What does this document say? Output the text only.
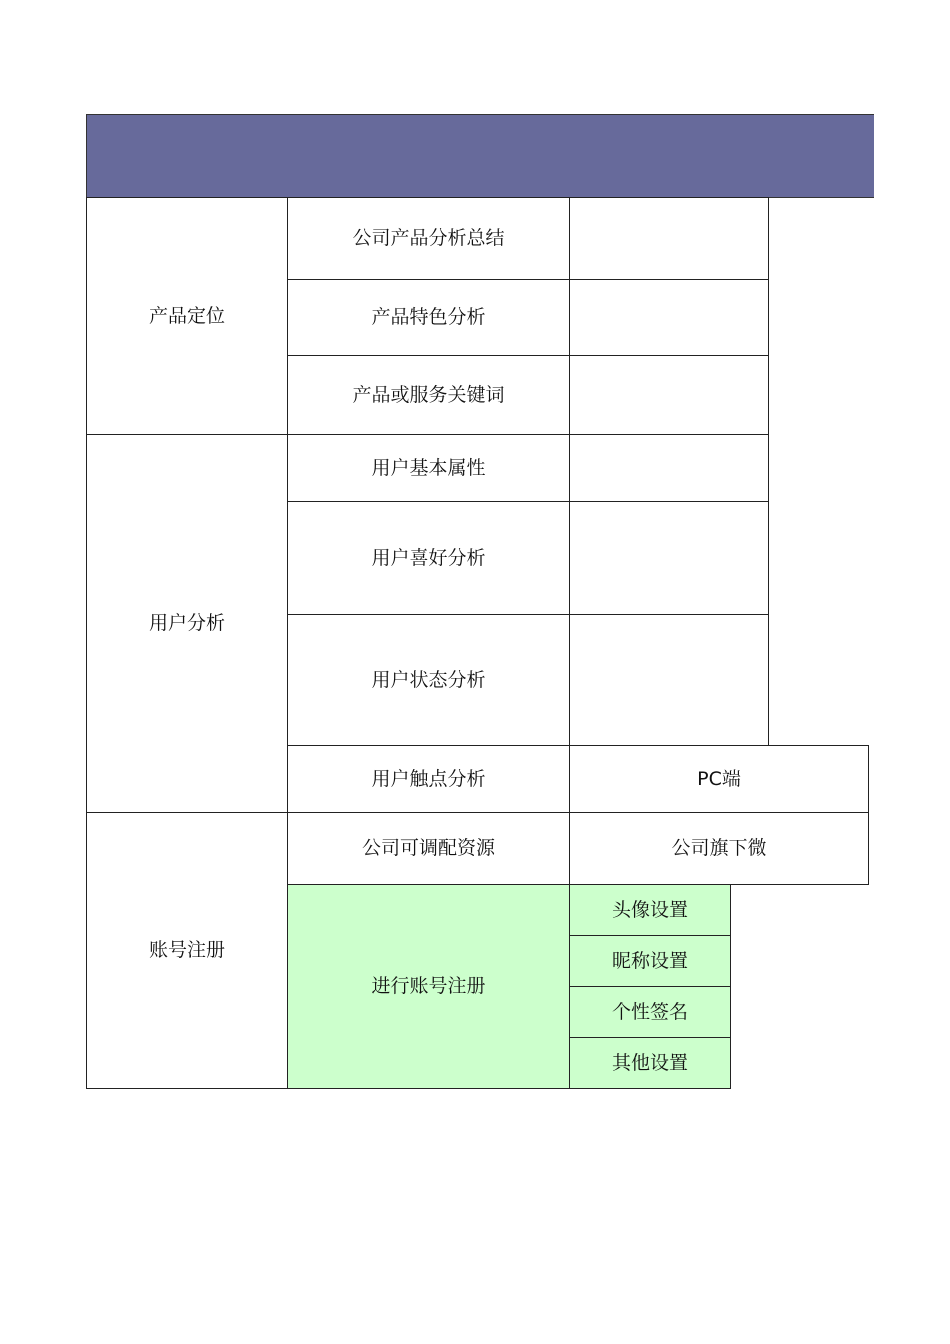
产品定位
公司产品分析总结
产品特色分析
产品或服务关键词
用户分析
用户基本属性
用户喜好分析
用户状态分析
用户触点分析	PC端
账号注册
公司可调配资源	公司旗下微
进行账号注册
头像设置
昵称设置
个性签名
其他设置
